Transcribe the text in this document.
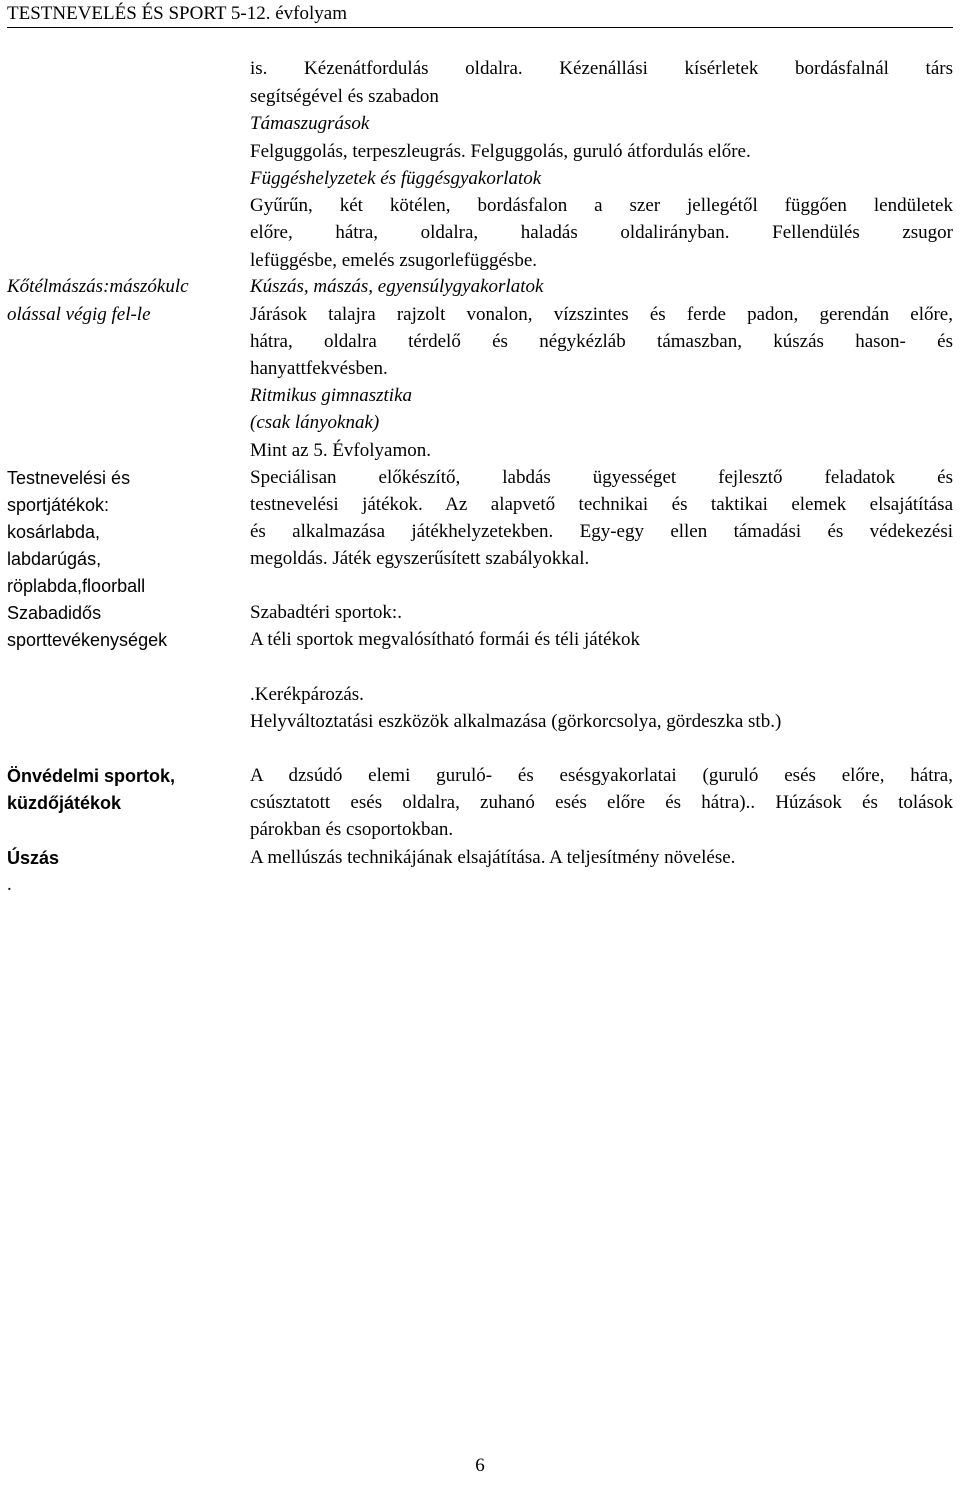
TESTNEVELÉS ÉS SPORT 5-12. évfolyam
is. Kézenátfordulás oldalra. Kézenállási kísérletek bordásfalnál társ
segítségével és szabadon
Támaszugrások
Felguggolás, terpeszleugrás. Felguggolás, guruló átfordulás előre.
Függéshelyzetek és függésgyakorlatok
Gyűrűn, két kötélen, bordásfalon a szer jellegétől függően lendületek
előre, hátra, oldalra, haladás oldalirányban. Fellendülés zsugor
lefüggésbe, emelés zsugorlefüggésbe.
Kúszás, mászás, egyensúlygyakorlatok
Járások talajra rajzolt vonalon, vízszintes és ferde padon, gerendán előre,
hátra, oldalra térdelő és négykézláb támaszban, kúszás hason- és
hanyattfekvésben.
Ritmikus gimnasztika
(csak lányoknak)
Mint az 5. Évfolyamon.
Speciálisan előkészítő, labdás ügyességet fejlesztő feladatok és
testnevelési játékok. Az alapvető technikai és taktikai elemek elsajátítása
és alkalmazása játékhelyzetekben. Egy-egy ellen támadási és védekezési
megoldás. Játék egyszerűsített szabályokkal.
Szabadtéri sportok:.
A téli sportok megvalósítható formái és téli játékok
.Kerékpározás.
Helyváltoztatási eszközök alkalmazása (görkorcsolya, gördeszka stb.)
A dzsúdó elemi guruló- és esésgyakorlatai (guruló esés előre, hátra,
csúsztatott esés oldalra, zuhanó esés előre és hátra).. Húzások és tolások
párokban és csoportokban.
A mellúszás technikájának elsajátítása. A teljesítmény növelése.
Kőtélmászás:mászókulc
olással végig fel-le
Testnevelési és
sportjátékok:
kosárlabda,
labdarúgás,
röplabda,floorball
Szabadidős
sporttevékenységek
Önvédelmi sportok,
küzdőjátékok
Úszás
.
6
